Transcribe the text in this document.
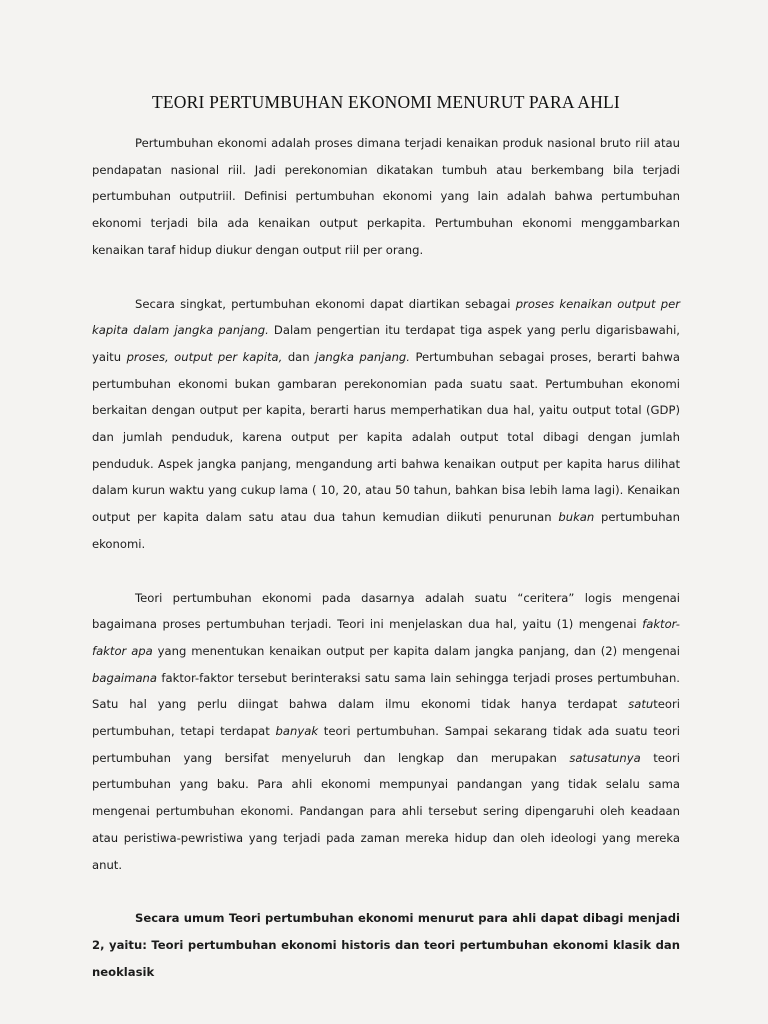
TEORI PERTUMBUHAN EKONOMI MENURUT PARA AHLI

Pertumbuhan ekonomi adalah proses dimana terjadi kenaikan produk nasional bruto riil atau pendapatan nasional riil. Jadi perekonomian dikatakan tumbuh atau berkembang bila terjadi pertumbuhan outputriil. Definisi pertumbuhan ekonomi yang lain adalah bahwa pertumbuhan ekonomi terjadi bila ada kenaikan output perkapita. Pertumbuhan ekonomi menggambarkan kenaikan taraf hidup diukur dengan output riil per orang.

Secara singkat, pertumbuhan ekonomi dapat diartikan sebagai proses kenaikan output per kapita dalam jangka panjang. Dalam pengertian itu terdapat tiga aspek yang perlu digarisbawahi, yaitu proses, output per kapita, dan jangka panjang. Pertumbuhan sebagai proses, berarti bahwa pertumbuhan ekonomi bukan gambaran perekonomian pada suatu saat. Pertumbuhan ekonomi berkaitan dengan output per kapita, berarti harus memperhatikan dua hal, yaitu output total (GDP) dan jumlah penduduk, karena output per kapita adalah output total dibagi dengan jumlah penduduk. Aspek jangka panjang, mengandung arti bahwa kenaikan output per kapita harus dilihat dalam kurun waktu yang cukup lama ( 10, 20, atau 50 tahun, bahkan bisa lebih lama lagi). Kenaikan output per kapita dalam satu atau dua tahun kemudian diikuti penurunan bukan pertumbuhan ekonomi.

Teori pertumbuhan ekonomi pada dasarnya adalah suatu “ceritera” logis mengenai bagaimana proses pertumbuhan terjadi. Teori ini menjelaskan dua hal, yaitu (1) mengenai faktor-faktor apa yang menentukan kenaikan output per kapita dalam jangka panjang, dan (2) mengenai bagaimana faktor-faktor tersebut berinteraksi satu sama lain sehingga terjadi proses pertumbuhan. Satu hal yang perlu diingat bahwa dalam ilmu ekonomi tidak hanya terdapat satuteori pertumbuhan, tetapi terdapat banyak teori pertumbuhan. Sampai sekarang tidak ada suatu teori pertumbuhan yang bersifat menyeluruh dan lengkap dan merupakan satusatunya teori pertumbuhan yang baku. Para ahli ekonomi mempunyai pandangan yang tidak selalu sama mengenai pertumbuhan ekonomi. Pandangan para ahli tersebut sering dipengaruhi oleh keadaan atau peristiwa-pewristiwa yang terjadi pada zaman mereka hidup dan oleh ideologi yang mereka anut.

Secara umum Teori pertumbuhan ekonomi menurut para ahli dapat dibagi menjadi 2, yaitu: Teori pertumbuhan ekonomi historis dan teori pertumbuhan ekonomi klasik dan neoklasik
